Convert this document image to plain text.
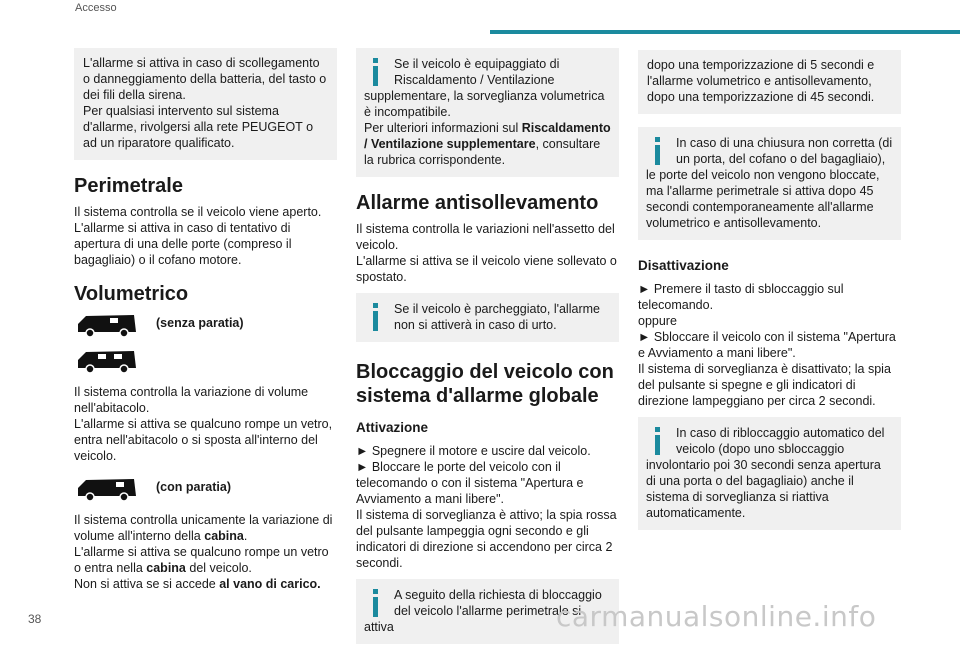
Accesso
L'allarme si attiva in caso di scollegamento o danneggiamento della batteria, del tasto o dei fili della sirena.
Per qualsiasi intervento sul sistema d'allarme, rivolgersi alla rete PEUGEOT o ad un riparatore qualificato.
Perimetrale
Il sistema controlla se il veicolo viene aperto.
L'allarme si attiva in caso di tentativo di apertura di una delle porte (compreso il bagagliaio) o il cofano motore.
Volumetrico
(senza paratia)
Il sistema controlla la variazione di volume nell'abitacolo.
L'allarme si attiva se qualcuno rompe un vetro, entra nell'abitacolo o si sposta all'interno del veicolo.
(con paratia)
Il sistema controlla unicamente la variazione di volume all'interno della cabina.
L'allarme si attiva se qualcuno rompe un vetro o entra nella cabina del veicolo.
Non si attiva se si accede al vano di carico.
Se il veicolo è equipaggiato di Riscaldamento / Ventilazione supplementare, la sorveglianza volumetrica è incompatibile.
Per ulteriori informazioni sul Riscaldamento / Ventilazione supplementare, consultare la rubrica corrispondente.
Allarme antisollevamento
Il sistema controlla le variazioni nell'assetto del veicolo.
L'allarme si attiva se il veicolo viene sollevato o spostato.
Se il veicolo è parcheggiato, l'allarme non si attiverà in caso di urto.
Bloccaggio del veicolo con sistema d'allarme globale
Attivazione
► Spegnere il motore e uscire dal veicolo.
► Bloccare le porte del veicolo con il telecomando o con il sistema "Apertura e Avviamento a mani libere".
Il sistema di sorveglianza è attivo; la spia rossa del pulsante lampeggia ogni secondo e gli indicatori di direzione si accendono per circa 2 secondi.
A seguito della richiesta di bloccaggio del veicolo l'allarme perimetrale si attiva
dopo una temporizzazione di 5 secondi e l'allarme volumetrico e antisollevamento, dopo una temporizzazione di 45 secondi.
In caso di una chiusura non corretta (di un porta, del cofano o del bagagliaio), le porte del veicolo non vengono bloccate, ma l'allarme perimetrale si attiva dopo 45 secondi contemporaneamente all'allarme volumetrico e antisollevamento.
Disattivazione
► Premere il tasto di sbloccaggio sul telecomando.
oppure
► Sbloccare il veicolo con il sistema "Apertura e Avviamento a mani libere".
Il sistema di sorveglianza è disattivato; la spia del pulsante si spegne e gli indicatori di direzione lampeggiano per circa 2 secondi.
In caso di ribloccaggio automatico del veicolo (dopo uno sbloccaggio involontario poi 30 secondi senza apertura di una porta o del bagagliaio) anche il sistema di sorveglianza si riattiva automaticamente.
38	carmanualsonline.info
